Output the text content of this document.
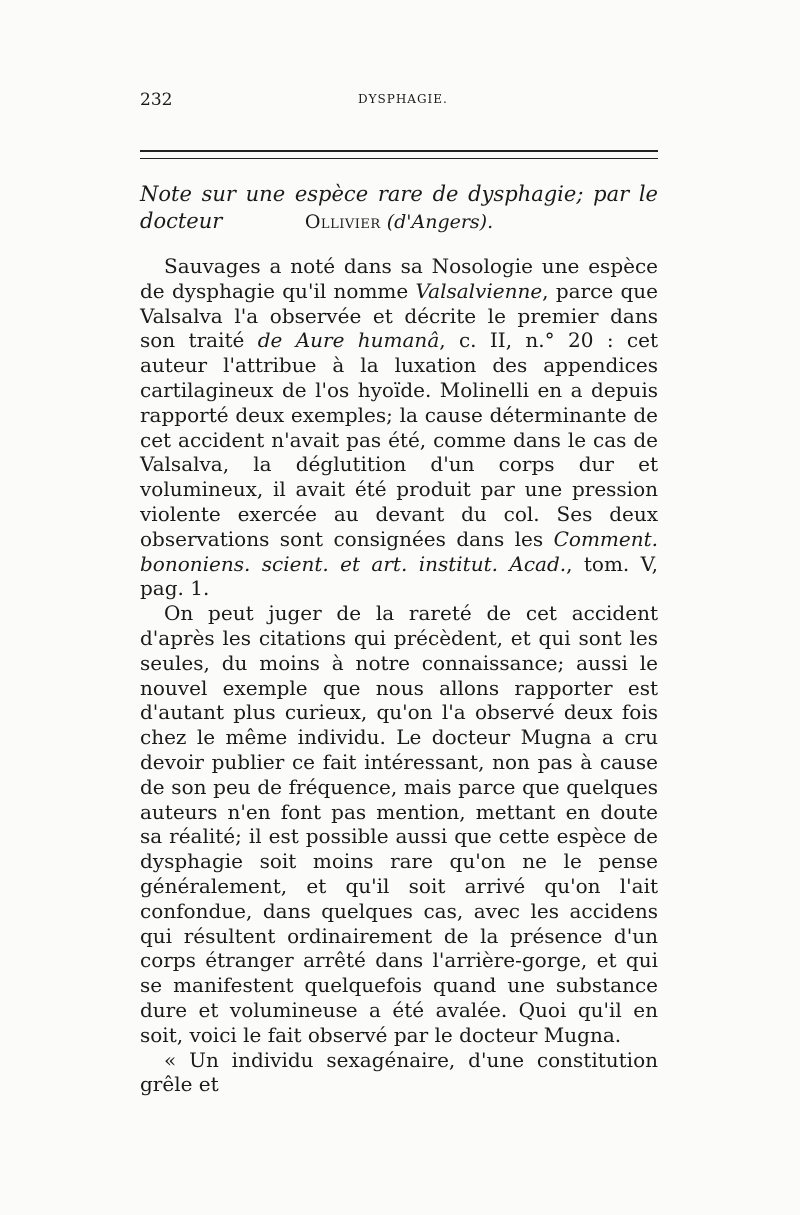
232	DYSPHAGIE.
Note sur une espèce rare de dysphagie; par le docteur	Ollivier (d'Angers).

Sauvages a noté dans sa Nosologie une espèce de dysphagie qu'il nomme Valsalvienne, parce que Valsalva l'a observée et décrite le premier dans son traité de Aure humanâ, c. II, n.° 20 : cet auteur l'attribue à la luxation des appendices cartilagineux de l'os hyoïde. Molinelli en a depuis rapporté deux exemples; la cause déterminante de cet accident n'avait pas été, comme dans le cas de Valsalva, la déglutition d'un corps dur et volumineux, il avait été produit par une pression violente exercée au devant du col. Ses deux observations sont consignées dans les Comment. bononiens. scient. et art. institut. Acad., tom. V, pag. 1.

On peut juger de la rareté de cet accident d'après les citations qui précèdent, et qui sont les seules, du moins à notre connaissance; aussi le nouvel exemple que nous allons rapporter est d'autant plus curieux, qu'on l'a observé deux fois chez le même individu. Le docteur Mugna a cru devoir publier ce fait intéressant, non pas à cause de son peu de fréquence, mais parce que quelques auteurs n'en font pas mention, mettant en doute sa réalité; il est possible aussi que cette espèce de dysphagie soit moins rare qu'on ne le pense généralement, et qu'il soit arrivé qu'on l'ait confondue, dans quelques cas, avec les accidens qui résultent ordinairement de la présence d'un corps étranger arrêté dans l'arrière-gorge, et qui se manifestent quelquefois quand une substance dure et volumineuse a été avalée. Quoi qu'il en soit, voici le fait observé par le docteur Mugna.

« Un individu sexagénaire, d'une constitution grêle et
